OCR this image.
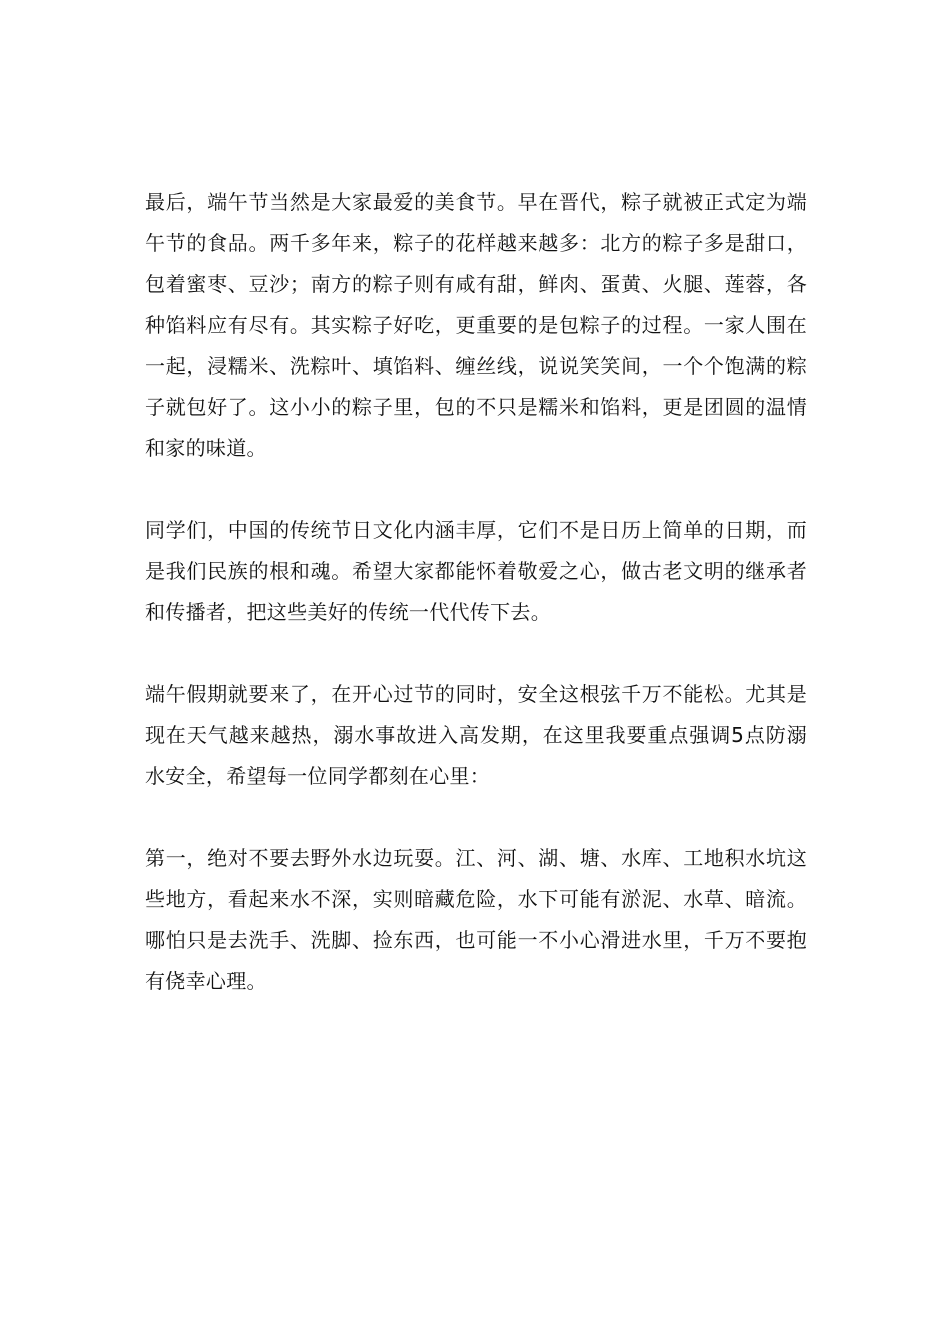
最后，端午节当然是大家最爱的美食节。早在晋代，粽子就被正式定为端午节的食品。两千多年来，粽子的花样越来越多：北方的粽子多是甜口，包着蜜枣、豆沙；南方的粽子则有咸有甜，鲜肉、蛋黄、火腿、莲蓉，各种馅料应有尽有。其实粽子好吃，更重要的是包粽子的过程。一家人围在一起，浸糯米、洗粽叶、填馅料、缠丝线，说说笑笑间，一个个饱满的粽子就包好了。这小小的粽子里，包的不只是糯米和馅料，更是团圆的温情和家的味道。

同学们，中国的传统节日文化内涵丰厚，它们不是日历上简单的日期，而是我们民族的根和魂。希望大家都能怀着敬爱之心，做古老文明的继承者和传播者，把这些美好的传统一代代传下去。

端午假期就要来了，在开心过节的同时，安全这根弦千万不能松。尤其是现在天气越来越热，溺水事故进入高发期，在这里我要重点强调5点防溺水安全，希望每一位同学都刻在心里：

第一，绝对不要去野外水边玩耍。江、河、湖、塘、水库、工地积水坑这些地方，看起来水不深，实则暗藏危险，水下可能有淤泥、水草、暗流。哪怕只是去洗手、洗脚、捡东西，也可能一不小心滑进水里，千万不要抱有侥幸心理。
